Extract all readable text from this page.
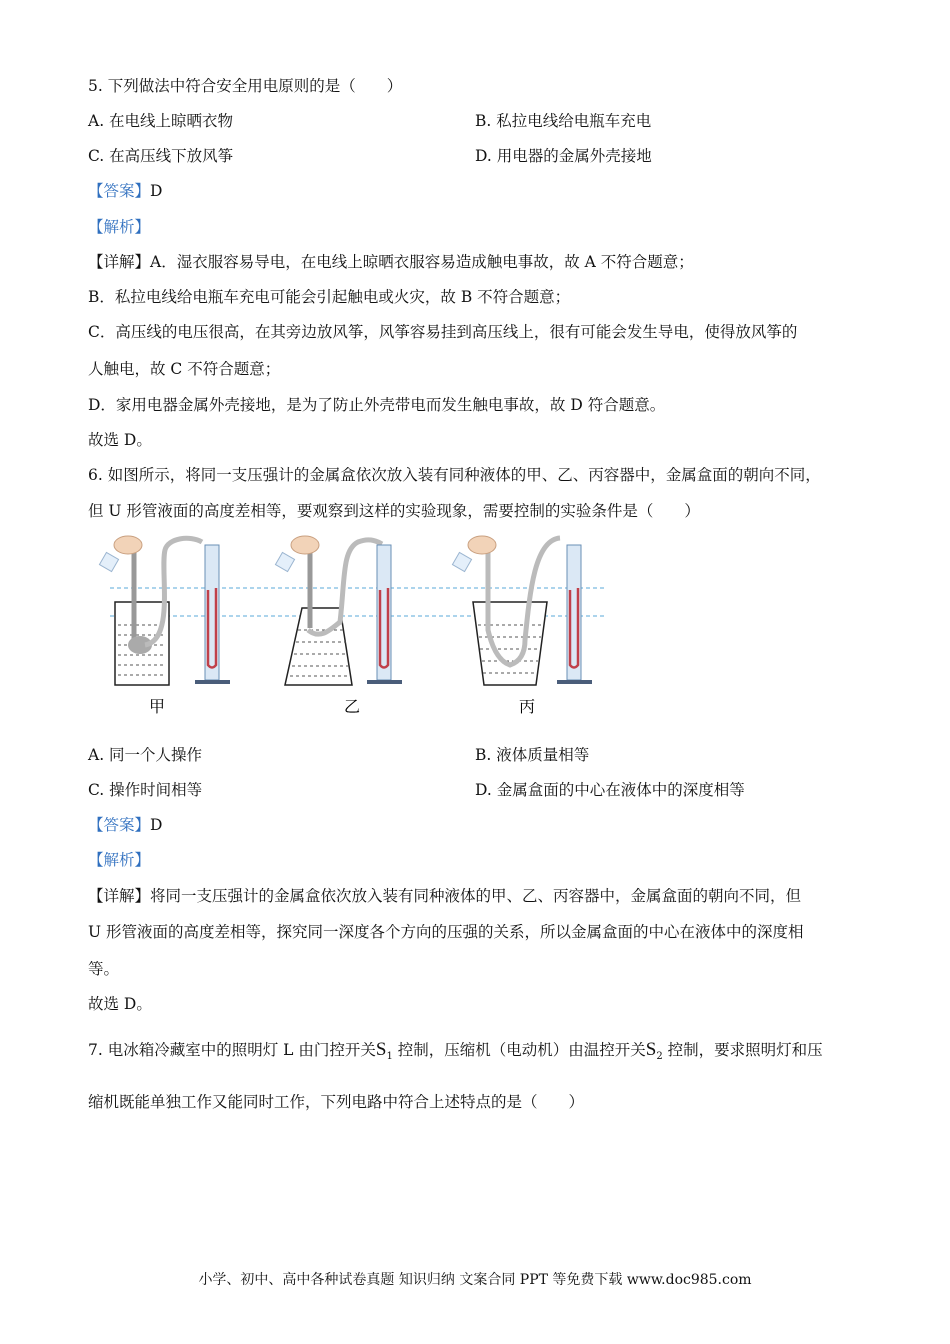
5. 下列做法中符合安全用电原则的是（　　）
A. 在电线上晾晒衣物	B. 私拉电线给电瓶车充电
C. 在高压线下放风筝	D. 用电器的金属外壳接地
【答案】D
【解析】
【详解】A．湿衣服容易导电，在电线上晾晒衣服容易造成触电事故，故 A 不符合题意；
B．私拉电线给电瓶车充电可能会引起触电或火灾，故 B 不符合题意；
C．高压线的电压很高，在其旁边放风筝，风筝容易挂到高压线上，很有可能会发生导电，使得放风筝的
人触电，故 C 不符合题意；
D．家用电器金属外壳接地，是为了防止外壳带电而发生触电事故，故 D 符合题意。
故选 D。
6. 如图所示，将同一支压强计的金属盒依次放入装有同种液体的甲、乙、丙容器中，金属盒面的朝向不同，
但 U 形管液面的高度差相等，要观察到这样的实验现象，需要控制的实验条件是（　　）
甲	乙	丙
A. 同一个人操作	B. 液体质量相等
C. 操作时间相等	D. 金属盒面的中心在液体中的深度相等
【答案】D
【解析】
【详解】将同一支压强计的金属盒依次放入装有同种液体的甲、乙、丙容器中，金属盒面的朝向不同，但
U 形管液面的高度差相等，探究同一深度各个方向的压强的关系，所以金属盒面的中心在液体中的深度相
等。
故选 D。
7. 电冰箱冷藏室中的照明灯 L 由门控开关$S_1$ 控制，压缩机（电动机）由温控开关$S_2$ 控制，要求照明灯和压
缩机既能单独工作又能同时工作，下列电路中符合上述特点的是（　　）
小学、初中、高中各种试卷真题 知识归纳 文案合同 PPT 等免费下载 www.doc985.com
